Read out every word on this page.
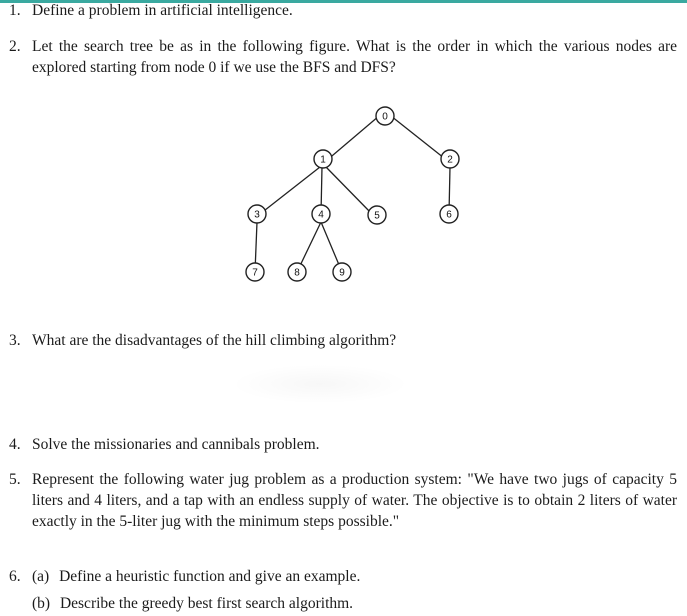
1. Define a problem in artificial intelligence.
2. Let the search tree be as in the following figure. What is the order in which the various nodes are explored starting from node 0 if we use the BFS and DFS?
0
1	2
3	4	5	6
7	8	9
3. What are the disadvantages of the hill climbing algorithm?
4. Solve the missionaries and cannibals problem.
5. Represent the following water jug problem as a production system: "We have two jugs of capacity 5 liters and 4 liters, and a tap with an endless supply of water. The objective is to obtain 2 liters of water exactly in the 5-liter jug with the minimum steps possible."
6. (a) Define a heuristic function and give an example.
(b) Describe the greedy best first search algorithm.
